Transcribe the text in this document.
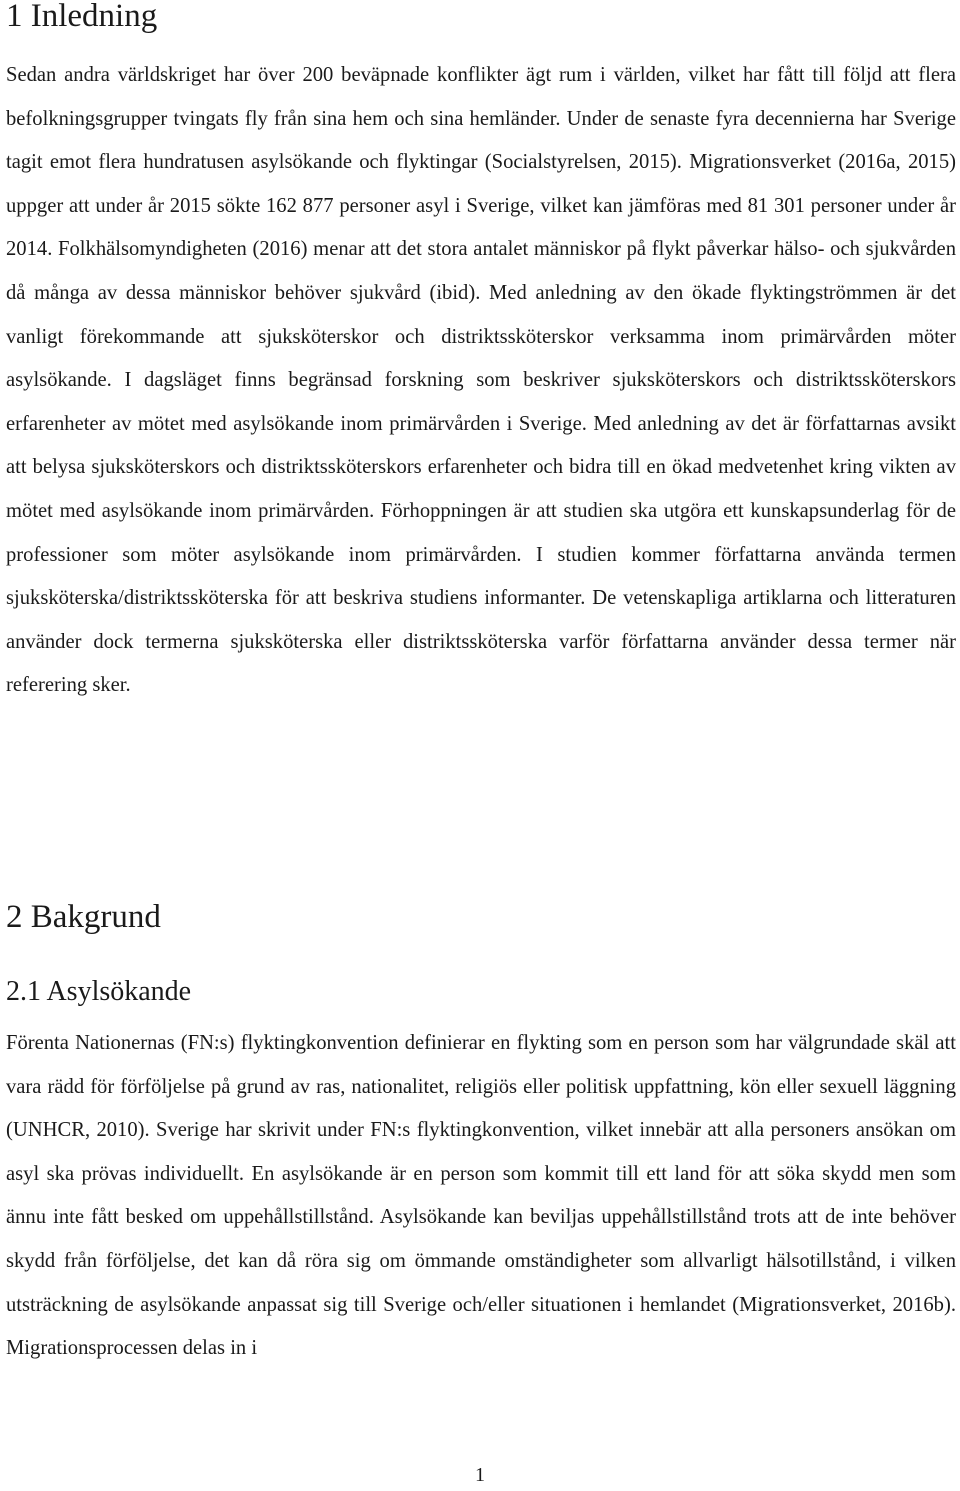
1 Inledning

Sedan andra världskriget har över 200 beväpnade konflikter ägt rum i världen, vilket har fått till följd att flera befolkningsgrupper tvingats fly från sina hem och sina hemländer. Under de senaste fyra decennierna har Sverige tagit emot flera hundratusen asylsökande och flyktingar (Socialstyrelsen, 2015). Migrationsverket (2016a, 2015) uppger att under år 2015 sökte 162 877 personer asyl i Sverige, vilket kan jämföras med 81 301 personer under år 2014. Folkhälsomyndigheten (2016) menar att det stora antalet människor på flykt påverkar hälso- och sjukvården då många av dessa människor behöver sjukvård (ibid). Med anledning av den ökade flyktingströmmen är det vanligt förekommande att sjuksköterskor och distriktssköterskor verksamma inom primärvården möter asylsökande. I dagsläget finns begränsad forskning som beskriver sjuksköterskors och distriktssköterskors erfarenheter av mötet med asylsökande inom primärvården i Sverige. Med anledning av det är författarnas avsikt att belysa sjuksköterskors och distriktssköterskors erfarenheter och bidra till en ökad medvetenhet kring vikten av mötet med asylsökande inom primärvården. Förhoppningen är att studien ska utgöra ett kunskapsunderlag för de professioner som möter asylsökande inom primärvården. I studien kommer författarna använda termen sjuksköterska/distriktssköterska för att beskriva studiens informanter. De vetenskapliga artiklarna och litteraturen använder dock termerna sjuksköterska eller distriktssköterska varför författarna använder dessa termer när referering sker.

2 Bakgrund
2.1 Asylsökande

Förenta Nationernas (FN:s) flyktingkonvention definierar en flykting som en person som har välgrundade skäl att vara rädd för förföljelse på grund av ras, nationalitet, religiös eller politisk uppfattning, kön eller sexuell läggning (UNHCR, 2010). Sverige har skrivit under FN:s flyktingkonvention, vilket innebär att alla personers ansökan om asyl ska prövas individuellt. En asylsökande är en person som kommit till ett land för att söka skydd men som ännu inte fått besked om uppehållstillstånd. Asylsökande kan beviljas uppehållstillstånd trots att de inte behöver skydd från förföljelse, det kan då röra sig om ömmande omständigheter som allvarligt hälsotillstånd, i vilken utsträckning de asylsökande anpassat sig till Sverige och/eller situationen i hemlandet (Migrationsverket, 2016b). Migrationsprocessen delas in i

1
